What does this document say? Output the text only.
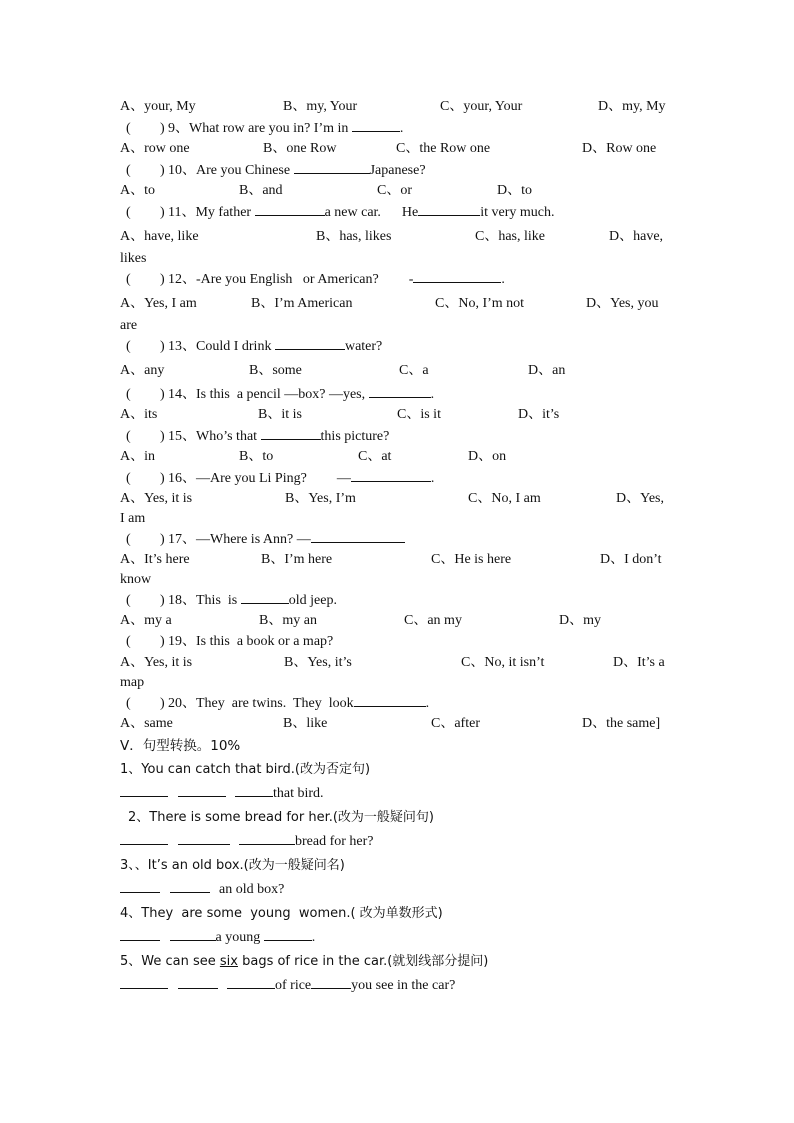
A、your, My	B、my, Your	C、your, Your	D、my, My
( ) 9、What row are you in? I’m in	.
A、row one	B、one Row	C、the Row one	D、Row one
( ) 10、Are you Chinese	Japanese?
A、to	B、and	C、or	D、to
( ) 11、My father	a new car.      He	it very much.
A、have, like	B、has, likes	C、has, like	D、have,
likes
( ) 12、-Are you English   or American? -	.
A、Yes, I am	B、I’m American	C、No, I’m not	D、Yes, you
are
( ) 13、Could I drink	water?
A、any	B、some	C、a	D、an
( ) 14、Is this  a pencil —box? —yes,	.
A、its	B、it is	C、is it	D、it’s
( ) 15、Who’s that	this picture?
A、in	B、to	C、at	D、on
( ) 16、—Are you Li Ping? —	.
A、Yes, it is	B、Yes, I’m	C、No, I am	D、Yes,
I am
( ) 17、—Where is Ann? —
A、It’s here	B、I’m here	C、He is here	D、I don’t
know
( ) 18、This  is	old jeep.
A、my a	B、my an	C、an my	D、my
( ) 19、Is this  a book or a map?
A、Yes, it is	B、Yes, it’s	C、No, it isn’t	D、It’s a
map
( ) 20、They  are twins.  They  look	.
A、same	B、like	C、after	D、the same]
V．句型转换。10%
1、You can catch that bird.(改为否定句)
that bird.
2、There is some bread for her.(改为一般疑问句)
bread for her?
3、、It’s an old box.(改为一般疑问名)
an old box?
4、They  are some  young  women.( 改为单数形式)
a young	.
5、We can see six bags of rice in the car.(就划线部分提问)
of rice	you see in the car?
